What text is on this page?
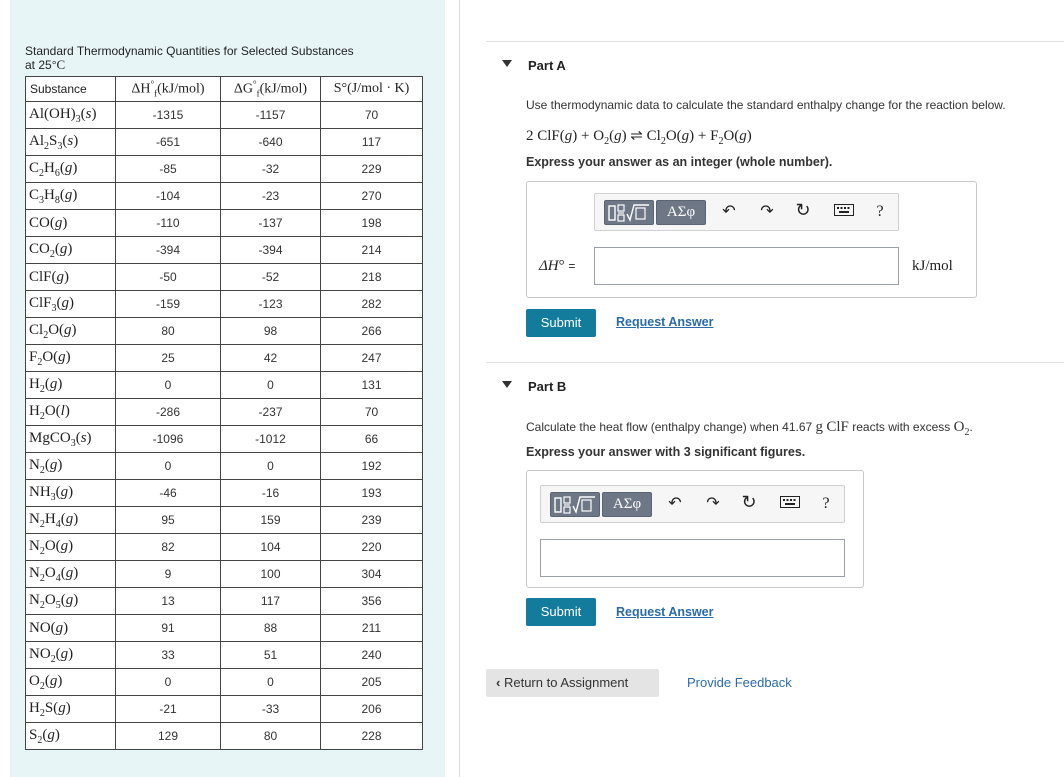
Standard Thermodynamic Quantities for Selected Substances
at 25°C
Substance	$\Delta H^\circ_f(kJ/mol)$	$\Delta G^\circ_f(kJ/mol)$	S°(J/mol · K)
$Al(OH)_3(s)$	-1315	-1157	70
$Al_2S_3(s)$	-651	-640	117
$C_2H_6(g)$	-85	-32	229
$C_3H_8(g)$	-104	-23	270
CO(g)	-110	-137	198
$CO_2(g)$	-394	-394	214
ClF(g)	-50	-52	218
ClF$_3$(g)	-159	-123	282
$Cl_2O(g)$	80	98	266
$F_2O(g)$	25	42	247
$H_2(g)$	0	0	131
$H_2O(l)$	-286	-237	70
MgCO$_3$(s)	-1096	-1012	66
$N_2(g)$	0	0	192
$NH_3(g)$	-46	-16	193
$N_2H_4(g)$	95	159	239
$N_2O(g)$	82	104	220
$N_2O_4(g)$	9	100	304
$N_2O_5(g)$	13	117	356
NO(g)	91	88	211
$NO_2(g)$	33	51	240
$O_2(g)$	0	0	205
$H_2S(g)$	-21	-33	206
$S_2(g)$	129	80	228
Part A
Use thermodynamic data to calculate the standard enthalpy change for the reaction below.
2 $ClF(g) + O_2(g)$ ⇌ $Cl_2O(g) + F_2O(g)$
Express your answer as an integer (whole number).
ΑΣφ	↶ ↷ ↻	?
ΔH° =	kJ/mol
Submit	Request Answer
Part B
Calculate the heat flow (enthalpy change) when 41.67 g ClF reacts with excess $O_2$.
Express your answer with 3 significant figures.
ΑΣφ	↶ ↷ ↻	?
Submit	Request Answer
‹ Return to Assignment	Provide Feedback
